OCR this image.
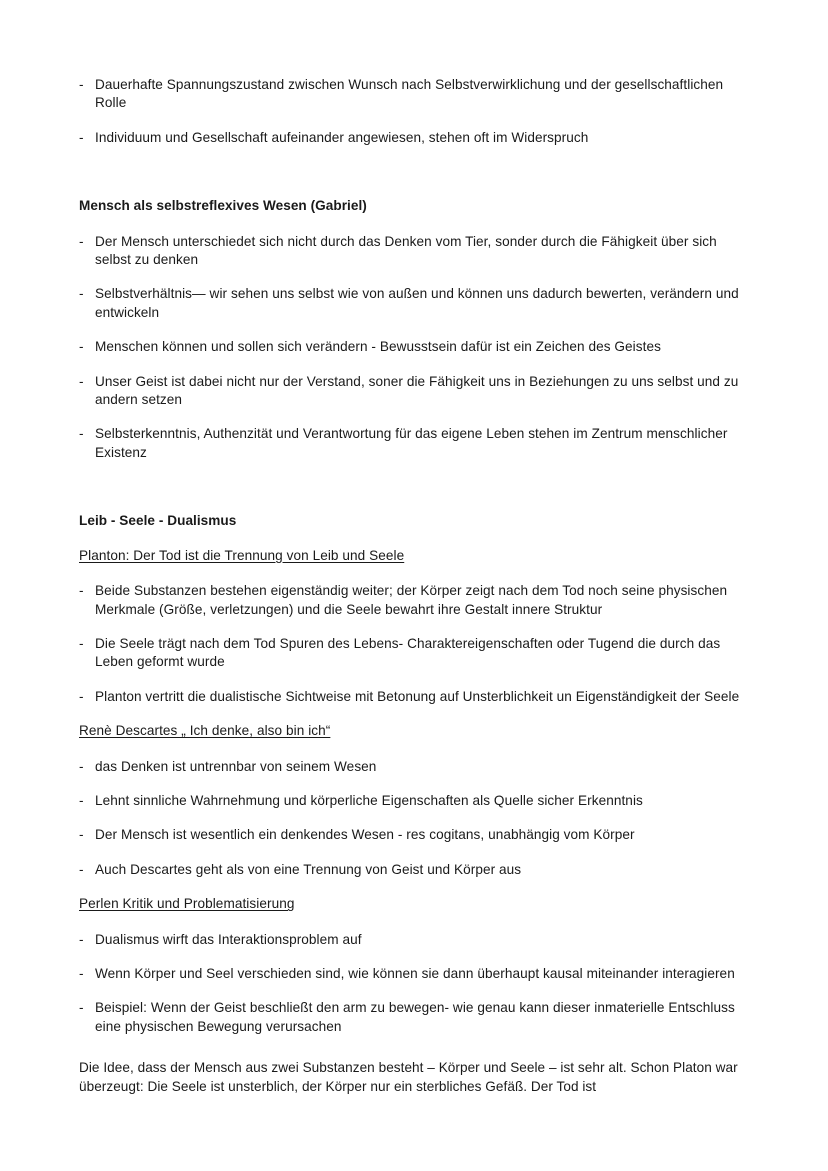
- Dauerhafte Spannungszustand zwischen Wunsch nach Selbstverwirklichung und der gesellschaftlichen Rolle
- Individuum und Gesellschaft aufeinander angewiesen, stehen oft im Widerspruch
Mensch als selbstreflexives Wesen (Gabriel)
- Der Mensch unterschiedet sich nicht durch das Denken vom Tier, sonder durch die Fähigkeit über sich selbst zu denken
- Selbstverhältnis— wir sehen uns selbst wie von außen und können uns dadurch bewerten, verändern und entwickeln
- Menschen können und sollen sich verändern - Bewusstsein dafür ist ein Zeichen des Geistes
- Unser Geist ist dabei nicht nur der Verstand, soner die Fähigkeit uns in Beziehungen zu uns selbst und zu andern setzen
- Selbsterkenntnis, Authenzität und Verantwortung für das eigene Leben stehen im Zentrum menschlicher Existenz
Leib - Seele - Dualismus
Planton: Der Tod ist die Trennung von Leib und Seele
- Beide Substanzen bestehen eigenständig weiter; der Körper zeigt nach dem Tod noch seine physischen Merkmale (Größe, verletzungen) und die Seele bewahrt ihre Gestalt innere Struktur
- Die Seele trägt nach dem Tod Spuren des Lebens- Charaktereigenschaften oder Tugend die durch das Leben geformt wurde
- Planton vertritt die dualistische Sichtweise mit Betonung auf Unsterblichkeit un Eigenständigkeit der Seele
Renè Descartes „ Ich denke, also bin ich“
- das Denken ist untrennbar von seinem Wesen
- Lehnt sinnliche Wahrnehmung und körperliche Eigenschaften als Quelle sicher Erkenntnis
- Der Mensch ist wesentlich ein denkendes Wesen - res cogitans, unabhängig vom Körper
- Auch Descartes geht als von eine Trennung von Geist und Körper aus
Perlen Kritik und Problematisierung
- Dualismus wirft das Interaktionsproblem auf
- Wenn Körper und Seel verschieden sind, wie können sie dann überhaupt kausal miteinander interagieren
- Beispiel: Wenn der Geist beschließt den arm zu bewegen- wie genau kann dieser inmaterielle Entschluss eine physischen Bewegung verursachen

Die Idee, dass der Mensch aus zwei Substanzen besteht – Körper und Seele – ist sehr alt. Schon Platon war überzeugt: Die Seele ist unsterblich, der Körper nur ein sterbliches Gefäß. Der Tod ist
